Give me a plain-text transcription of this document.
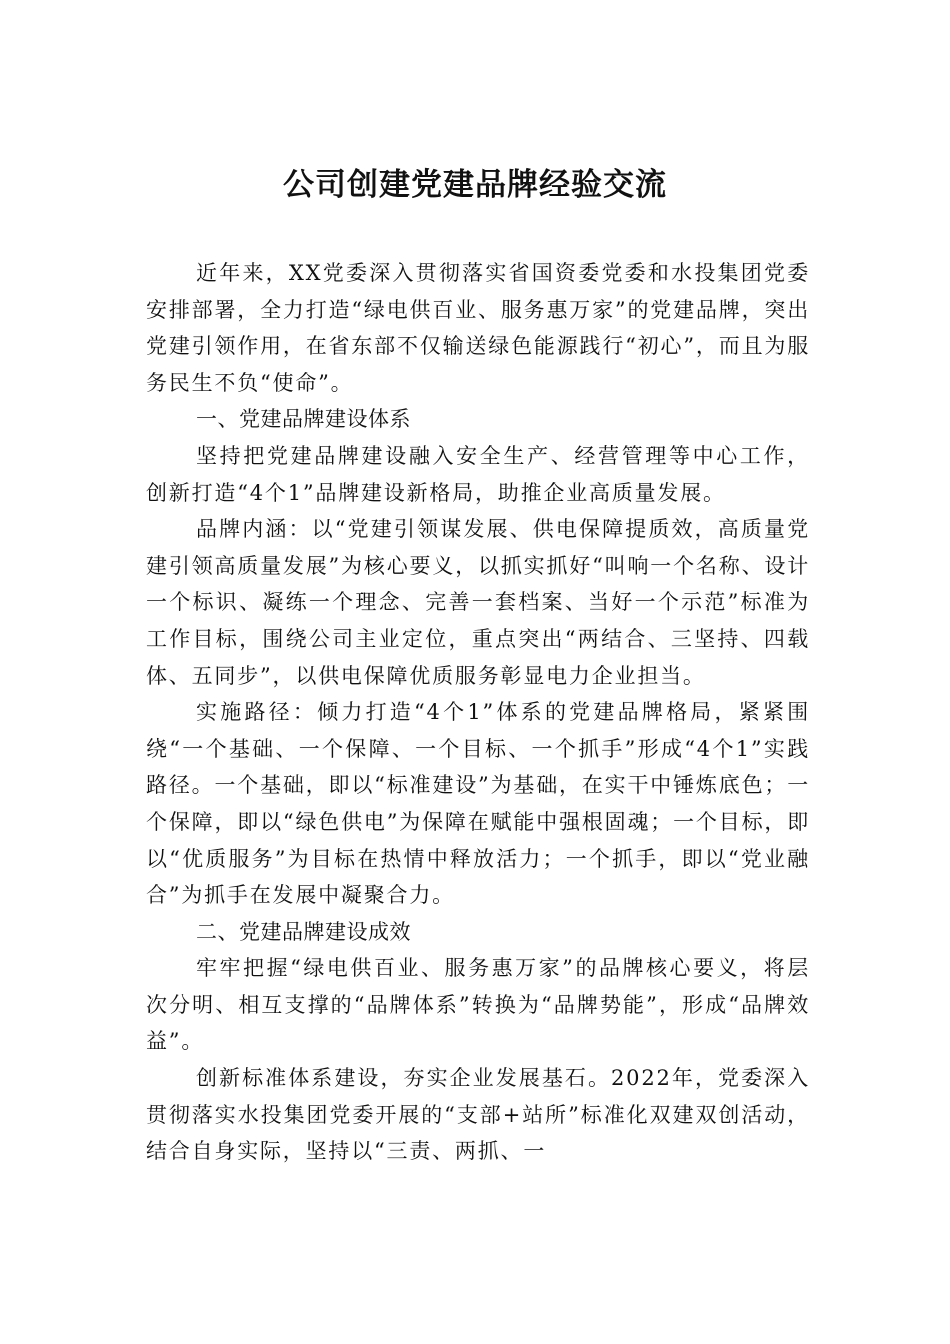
公司创建党建品牌经验交流

近年来，XX党委深入贯彻落实省国资委党委和水投集团党委安排部署，全力打造“绿电供百业、服务惠万家”的党建品牌，突出党建引领作用，在省东部不仅输送绿色能源践行“初心”，而且为服务民生不负“使命”。

一、党建品牌建设体系

坚持把党建品牌建设融入安全生产、经营管理等中心工作，创新打造“4个1”品牌建设新格局，助推企业高质量发展。

品牌内涵：以“党建引领谋发展、供电保障提质效，高质量党建引领高质量发展”为核心要义，以抓实抓好“叫响一个名称、设计一个标识、凝练一个理念、完善一套档案、当好一个示范”标准为工作目标，围绕公司主业定位，重点突出“两结合、三坚持、四载体、五同步”，以供电保障优质服务彰显电力企业担当。

实施路径：倾力打造“4个1”体系的党建品牌格局，紧紧围绕“一个基础、一个保障、一个目标、一个抓手”形成“4个1”实践路径。一个基础，即以“标准建设”为基础，在实干中锤炼底色；一个保障，即以“绿色供电”为保障在赋能中强根固魂；一个目标，即以“优质服务”为目标在热情中释放活力；一个抓手，即以“党业融合”为抓手在发展中凝聚合力。

二、党建品牌建设成效

牢牢把握“绿电供百业、服务惠万家”的品牌核心要义，将层次分明、相互支撑的“品牌体系”转换为“品牌势能”，形成“品牌效益”。

创新标准体系建设，夯实企业发展基石。2022年，党委深入贯彻落实水投集团党委开展的“支部+站所”标准化双建双创活动，结合自身实际，坚持以“三责、两抓、一
